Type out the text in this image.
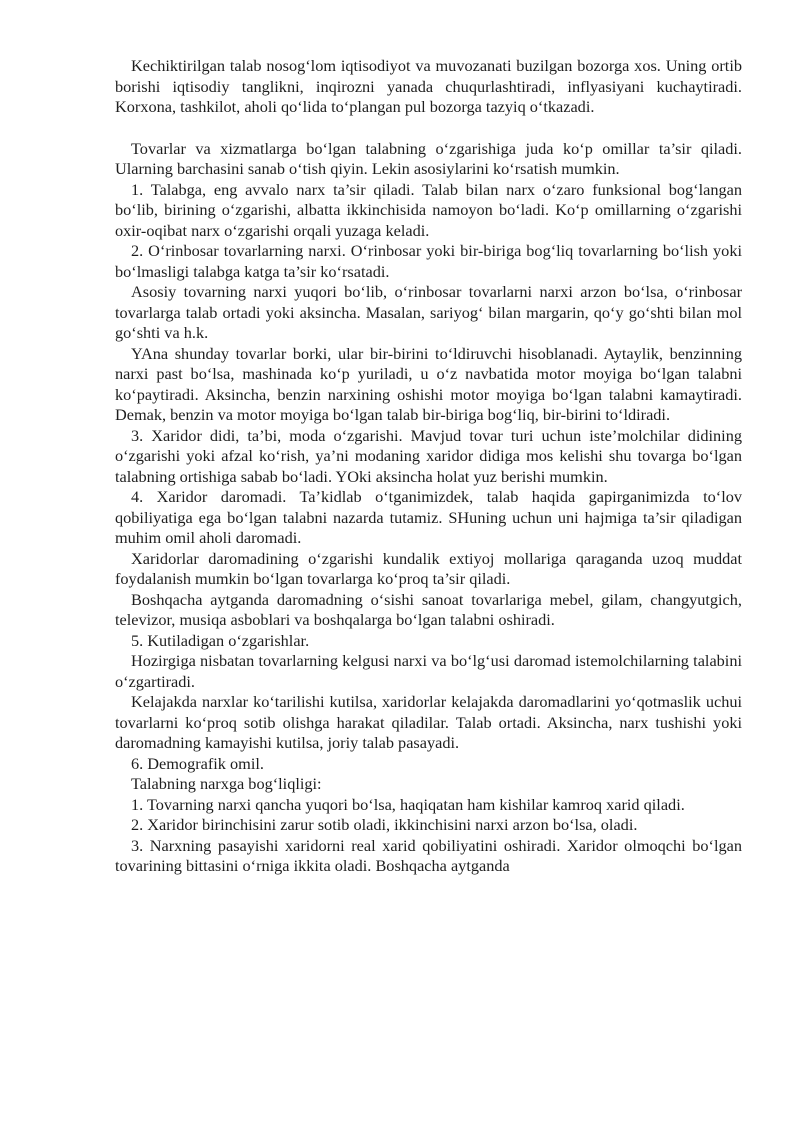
Kechiktirilgan talab nosog‘lom iqtisodiyot va muvozanati buzilgan bozorga xos. Uning ortib borishi iqtisodiy tanglikni, inqirozni yanada chuqurlashtiradi, inflyasiyani kuchaytiradi. Korxona, tashkilot, aholi qo‘lida to‘plangan pul bozorga tazyiq o‘tkazadi.

Tovarlar va xizmatlarga bo‘lgan talabning o‘zgarishiga juda ko‘p omillar ta’sir qiladi. Ularning barchasini sanab o‘tish qiyin. Lekin asosiylarini ko‘rsatish mumkin.

1. Talabga, eng avvalo narx ta’sir qiladi. Talab bilan narx o‘zaro funksional bog‘langan bo‘lib, birining o‘zgarishi, albatta ikkinchisida namoyon bo‘ladi. Ko‘p omillarning o‘zgarishi oxir-oqibat narx o‘zgarishi orqali yuzaga keladi.

2. O‘rinbosar tovarlarning narxi. O‘rinbosar yoki bir-biriga bog‘liq tovarlarning bo‘lish yoki bo‘lmasligi talabga katga ta’sir ko‘rsatadi.

Asosiy tovarning narxi yuqori bo‘lib, o‘rinbosar tovarlarni narxi arzon bo‘lsa, o‘rinbosar tovarlarga talab ortadi yoki aksincha. Masalan, sariyog‘ bilan margarin, qo‘y go‘shti bilan mol go‘shti va h.k.

YAna shunday tovarlar borki, ular bir-birini to‘ldiruvchi hisoblanadi. Aytaylik, benzinning narxi past bo‘lsa, mashinada ko‘p yuriladi, u o‘z navbatida motor moyiga bo‘lgan talabni ko‘paytiradi. Aksincha, benzin narxining oshishi motor moyiga bo‘lgan talabni kamaytiradi. Demak, benzin va motor moyiga bo‘lgan talab bir-biriga bog‘liq, bir-birini to‘ldiradi.

3. Xaridor didi, ta’bi, moda o‘zgarishi. Mavjud tovar turi uchun iste’molchilar didining o‘zgarishi yoki afzal ko‘rish, ya’ni modaning xaridor didiga mos kelishi shu tovarga bo‘lgan talabning ortishiga sabab bo‘ladi. YOki aksincha holat yuz berishi mumkin.

4. Xaridor daromadi. Ta’kidlab o‘tganimizdek, talab haqida gapirganimizda to‘lov qobiliyatiga ega bo‘lgan talabni nazarda tutamiz. SHuning uchun uni hajmiga ta’sir qiladigan muhim omil aholi daromadi.

Xaridorlar daromadining o‘zgarishi kundalik extiyoj mollariga qaraganda uzoq muddat foydalanish mumkin bo‘lgan tovarlarga ko‘proq ta’sir qiladi.

Boshqacha aytganda daromadning o‘sishi sanoat tovarlariga mebel, gilam, changyutgich, televizor, musiqa asboblari va boshqalarga bo‘lgan talabni oshiradi.

5. Kutiladigan o‘zgarishlar.

Hozirgiga nisbatan tovarlarning kelgusi narxi va bo‘lg‘usi daromad istemolchilarning talabini o‘zgartiradi.

Kelajakda narxlar ko‘tarilishi kutilsa, xaridorlar kelajakda daromadlarini yo‘qotmaslik uchui tovarlarni ko‘proq sotib olishga harakat qiladilar. Talab ortadi. Aksincha, narx tushishi yoki daromadning kamayishi kutilsa, joriy talab pasayadi.

6. Demografik omil.

Talabning narxga bog‘liqligi:

1. Tovarning narxi qancha yuqori bo‘lsa, haqiqatan ham kishilar kamroq xarid qiladi.

2. Xaridor birinchisini zarur sotib oladi, ikkinchisini narxi arzon bo‘lsa, oladi.

3. Narxning pasayishi xaridorni real xarid qobiliyatini oshiradi. Xaridor olmoqchi bo‘lgan tovarining bittasini o‘rniga ikkita oladi. Boshqacha aytganda
